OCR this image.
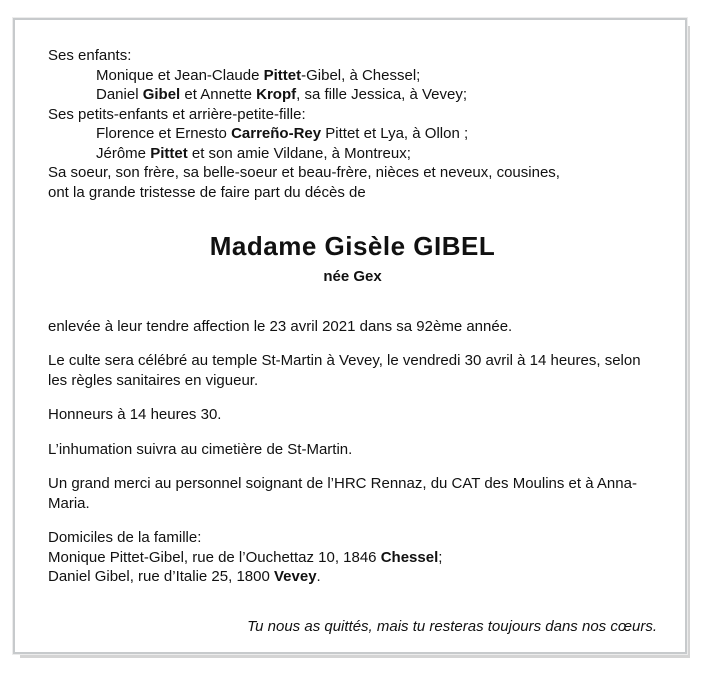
Ses enfants:
Monique et Jean-Claude Pittet-Gibel, à Chessel;
Daniel Gibel et Annette Kropf, sa fille Jessica, à Vevey;
Ses petits-enfants et arrière-petite-fille:
Florence et Ernesto Carreño-Rey Pittet et Lya, à Ollon ;
Jérôme Pittet et son amie Vildane, à Montreux;
Sa soeur, son frère, sa belle-soeur et beau-frère, nièces et neveux, cousines,
ont la grande tristesse de faire part du décès de
Madame Gisèle GIBEL
née Gex

enlevée à leur tendre affection le 23 avril 2021 dans sa 92ème année.

Le culte sera célébré au temple St-Martin à Vevey, le vendredi 30 avril à 14 heures, selon les règles sanitaires en vigueur.

Honneurs à 14 heures 30.

L’inhumation suivra au cimetière de St-Martin.

Un grand merci au personnel soignant de l’HRC Rennaz, du CAT des Moulins et à Anna-Maria.

Domiciles de la famille:
Monique Pittet-Gibel, rue de l’Ouchettaz 10, 1846 Chessel;
Daniel Gibel, rue d’Italie 25, 1800 Vevey.
Tu nous as quittés, mais tu resteras toujours dans nos cœurs.
